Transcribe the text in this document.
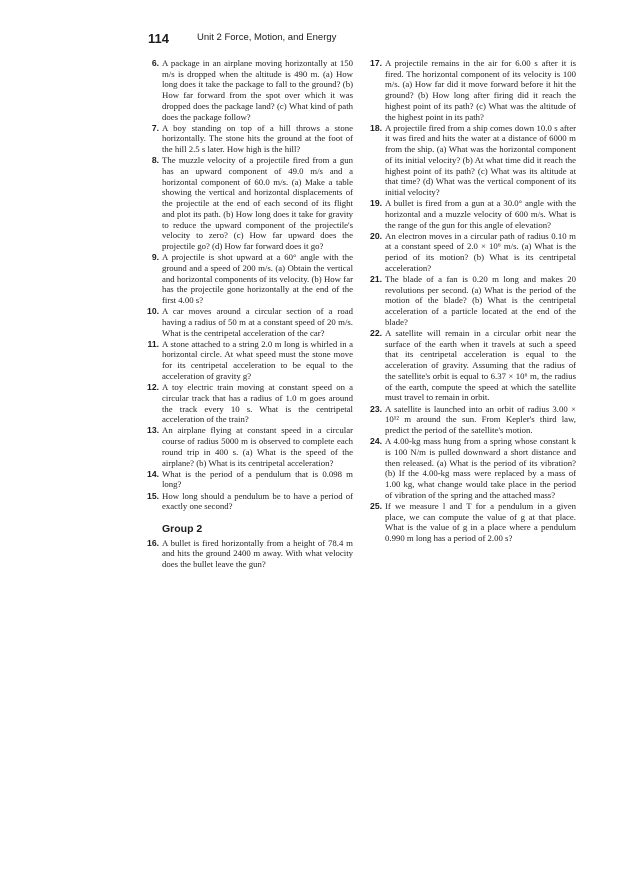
114	Unit 2 Force, Motion, and Energy
6. A package in an airplane moving horizontally at 150 m/s is dropped when the altitude is 490 m. (a) How long does it take the package to fall to the ground? (b) How far forward from the spot over which it was dropped does the package land? (c) What kind of path does the package follow?
7. A boy standing on top of a hill throws a stone horizontally. The stone hits the ground at the foot of the hill 2.5 s later. How high is the hill?
8. The muzzle velocity of a projectile fired from a gun has an upward component of 49.0 m/s and a horizontal component of 60.0 m/s. (a) Make a table showing the vertical and horizontal displacements of the projectile at the end of each second of its flight and plot its path. (b) How long does it take for gravity to reduce the upward component of the projectile's velocity to zero? (c) How far upward does the projectile go? (d) How far forward does it go?
9. A projectile is shot upward at a 60° angle with the ground and a speed of 200 m/s. (a) Obtain the vertical and horizontal components of its velocity. (b) How far has the projectile gone horizontally at the end of the first 4.00 s?
10. A car moves around a circular section of a road having a radius of 50 m at a constant speed of 20 m/s. What is the centripetal acceleration of the car?
11. A stone attached to a string 2.0 m long is whirled in a horizontal circle. At what speed must the stone move for its centripetal acceleration to be equal to the acceleration of gravity g?
12. A toy electric train moving at constant speed on a circular track that has a radius of 1.0 m goes around the track every 10 s. What is the centripetal acceleration of the train?
13. An airplane flying at constant speed in a circular course of radius 5000 m is observed to complete each round trip in 400 s. (a) What is the speed of the airplane? (b) What is its centripetal acceleration?
14. What is the period of a pendulum that is 0.098 m long?
15. How long should a pendulum be to have a period of exactly one second?
Group 2
16. A bullet is fired horizontally from a height of 78.4 m and hits the ground 2400 m away. With what velocity does the bullet leave the gun?
17. A projectile remains in the air for 6.00 s after it is fired. The horizontal component of its velocity is 100 m/s. (a) How far did it move forward before it hit the ground? (b) How long after firing did it reach the highest point of its path? (c) What was the altitude of the highest point in its path?
18. A projectile fired from a ship comes down 10.0 s after it was fired and hits the water at a distance of 6000 m from the ship. (a) What was the horizontal component of its initial velocity? (b) At what time did it reach the highest point of its path? (c) What was its altitude at that time? (d) What was the vertical component of its initial velocity?
19. A bullet is fired from a gun at a 30.0° angle with the horizontal and a muzzle velocity of 600 m/s. What is the range of the gun for this angle of elevation?
20. An electron moves in a circular path of radius 0.10 m at a constant speed of 2.0 × 10⁶ m/s. (a) What is the period of its motion? (b) What is its centripetal acceleration?
21. The blade of a fan is 0.20 m long and makes 20 revolutions per second. (a) What is the period of the motion of the blade? (b) What is the centripetal acceleration of a particle located at the end of the blade?
22. A satellite will remain in a circular orbit near the surface of the earth when it travels at such a speed that its centripetal acceleration is equal to the acceleration of gravity. Assuming that the radius of the satellite's orbit is equal to 6.37 × 10⁶ m, the radius of the earth, compute the speed at which the satellite must travel to remain in orbit.
23. A satellite is launched into an orbit of radius 3.00 × 10¹² m around the sun. From Kepler's third law, predict the period of the satellite's motion.
24. A 4.00-kg mass hung from a spring whose constant k is 100 N/m is pulled downward a short distance and then released. (a) What is the period of its vibration? (b) If the 4.00-kg mass were replaced by a mass of 1.00 kg, what change would take place in the period of vibration of the spring and the attached mass?
25. If we measure l and T for a pendulum in a given place, we can compute the value of g at that place. What is the value of g in a place where a pendulum 0.990 m long has a period of 2.00 s?
